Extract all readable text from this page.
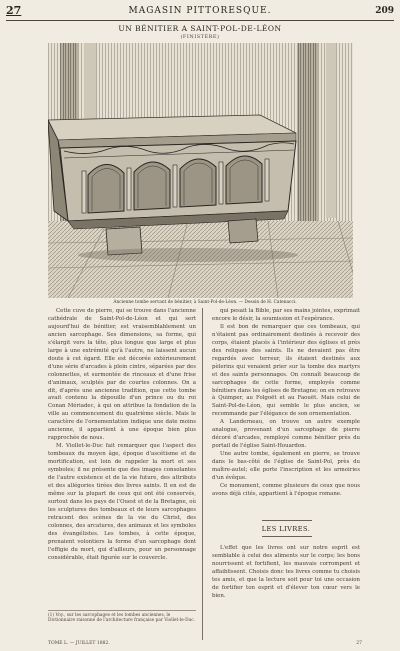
27	MAGASIN PITTORESQUE.	209
UN BÉNITIER A SAINT-POL-DE-LÉON
(FINISTÈRE)
Ancienne tombe servant de bénitier, à Saint-Pol-de-Léon. — Dessin de H. Catenacci.

Cette cuve de pierre, qui se trouve dans l'ancienne cathédrale de Saint-Pol-de-Léon et qui sert aujourd'hui de bénitier, est vraisemblablement un ancien sarcophage. Ses dimensions, sa forme, qui s'élargit vers la tête, plus longue que large et plus large à une extrémité qu'à l'autre, ne laissent aucun doute à cet égard. Elle est décorée extérieurement d'une série d'arcades à plein cintre, séparées par des colonnettes, et surmontée de rinceaux et d'une frise d'animaux, sculptés par de courtes colonnes. On a dit, d'après une ancienne tradition, que cette tombe avait contenu la dépouille d'un prince ou du roi Conan Mériadec, à qui on attribue la fondation de la ville au commencement du quatrième siècle. Mais le caractère de l'ornementation indique une date moins ancienne, il appartient à une époque bien plus rapprochée de nous.

M. Viollet-le-Duc fait remarquer que l'aspect des tombeaux du moyen âge, époque d'ascétisme et de mortification, est loin de rappeler la mort et ses symboles; il ne présente que des images consolantes de l'autre existence et de la vie future, des attributs et des allégories tirées des livres saints. Il en est de même sur la plupart de ceux qui ont été conservés, surtout dans les pays de l'Ouest et de la Bretagne, où les sculptures des tombeaux et de leurs sarcophages retracent des scènes de la vie du Christ, des colonnes, des arcatures, des animaux et les symboles des évangélistes. Les tombes, à cette époque, prenaient volontiers la forme d'un sarcophage dont l'effigie du mort, qui d'ailleurs, pour un personnage considérable, était figurée sur le couvercle.

(1) Voy., sur les sarcophages et les tombes anciennes, le Dictionnaire raisonné de l'architecture française par Viollet-le-Duc.
TOME L. — JUILLET 1882.

qui pesait la Bible, par ses mains jointes, exprimait encore le désir, la soumission et l'espérance.

Il est bon de remarquer que ces tombeaux, qui n'étaient pas ordinairement destinés à recevoir des corps, étaient placés à l'intérieur des églises et près des reliques des saints. Ils ne devaient pas être regardés avec terreur, ils étaient destinés aux pèlerins qui venaient prier sur la tombe des martyrs et des saints personnages. On connaît beaucoup de sarcophages de cette forme, employés comme bénitiers dans les églises de Bretagne; on en retrouve à Quimper, au Folgoët et au Faouët. Mais celui de Saint-Pol-de-Léon, qui semble le plus ancien, se recommande par l'élégance de son ornementation.

A Landerneau, on trouve un autre exemple analogue, provenant d'un sarcophage de pierre décoré d'arcades, remployé comme bénitier près du portail de l'église Saint-Houardon.

Une autre tombe, également en pierre, se trouve dans le bas-côté de l'église de Saint-Pol, près du maître-autel; elle porte l'inscription et les armoiries d'un évêque.

Ce monument, comme plusieurs de ceux que nous avons déjà cités, appartient à l'époque romane.

LES LIVRES.

L'effet que les livres ont sur notre esprit est semblable à celui des aliments sur le corps; les bons nourrissent et fortifient, les mauvais corrompent et affaiblissent. Choisis donc tes livres comme tu choisis tes amis, et que la lecture soit pour toi une occasion de fortifier ton esprit et d'élever ton cœur vers le bien.

27
